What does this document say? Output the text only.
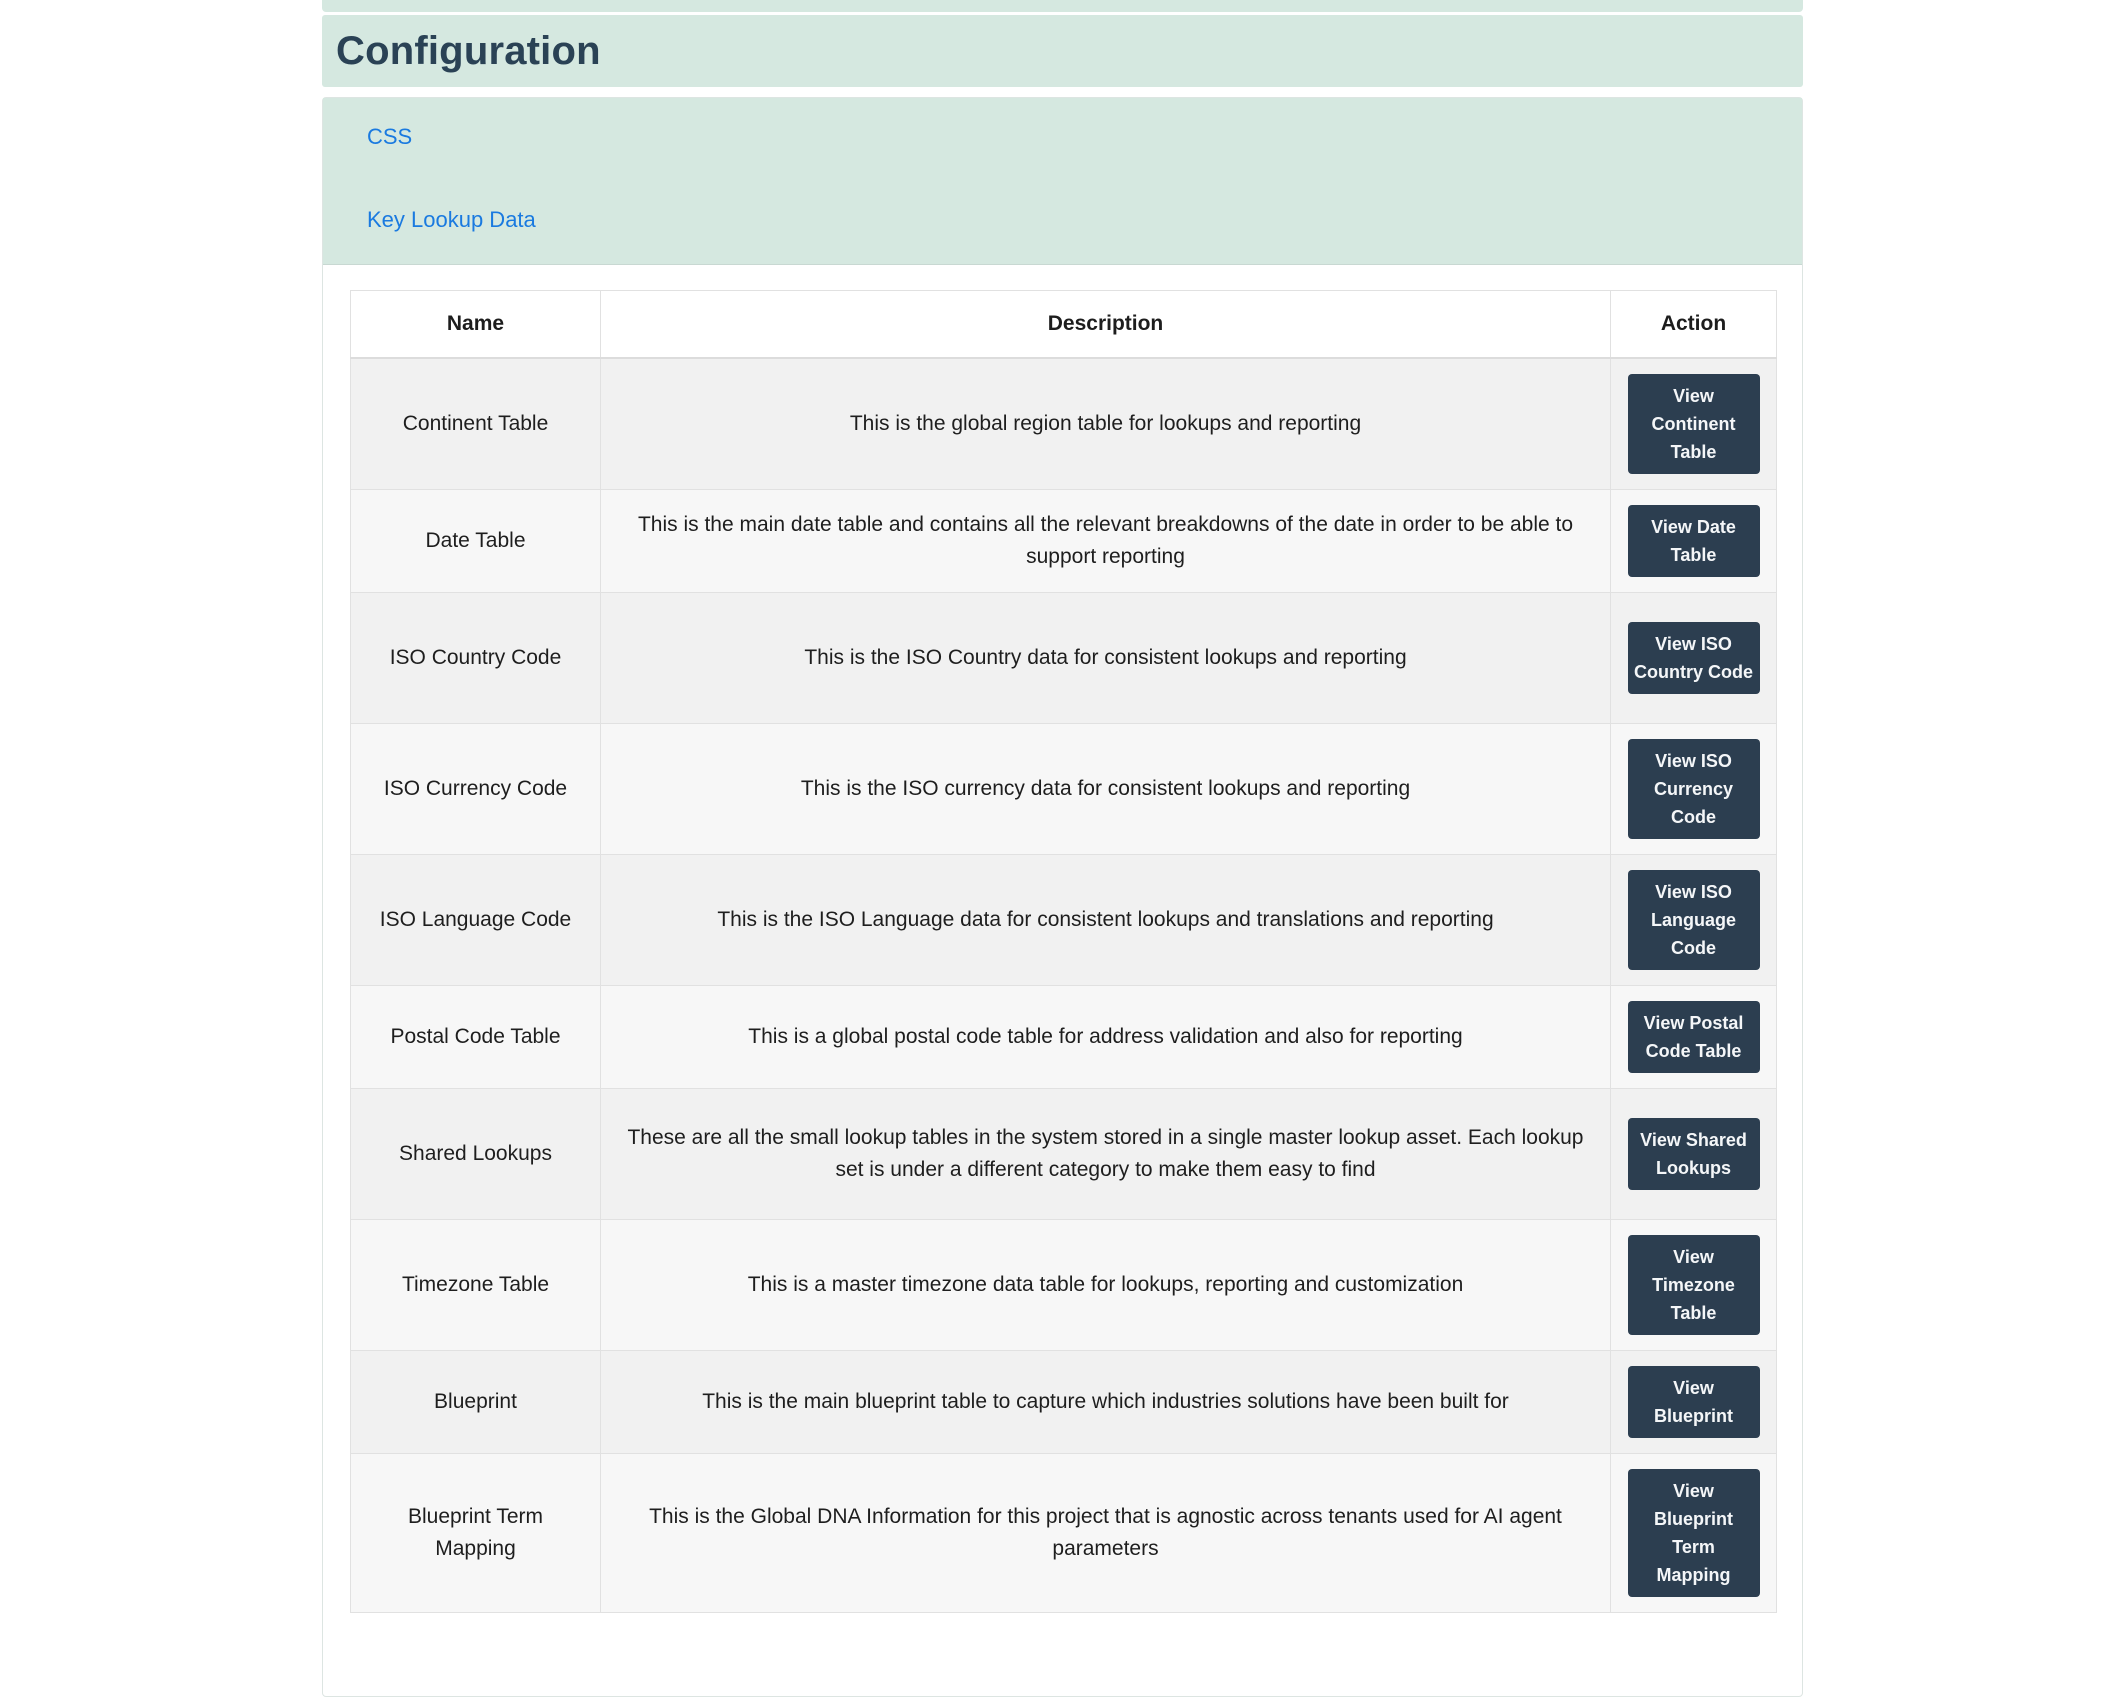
Configuration
CSS
Key Lookup Data
Name	Description	Action
Continent Table	This is the global region table for lookups and reporting	View Continent Table

Date Table	This is the main date table and contains all the relevant breakdowns of the date in order to be able to support reporting	View Date Table

ISO Country Code	This is the ISO Country data for consistent lookups and reporting	View ISO Country Code

ISO Currency Code	This is the ISO currency data for consistent lookups and reporting	View ISO Currency Code

ISO Language Code	This is the ISO Language data for consistent lookups and translations and reporting	View ISO Language Code

Postal Code Table	This is a global postal code table for address validation and also for reporting	View Postal Code Table

Shared Lookups	These are all the small lookup tables in the system stored in a single master lookup asset. Each lookup set is under a different category to make them easy to find	View Shared Lookups

Timezone Table	This is a master timezone data table for lookups, reporting and customization	View Timezone Table

Blueprint	This is the main blueprint table to capture which industries solutions have been built for	View Blueprint

Blueprint Term Mapping	This is the Global DNA Information for this project that is agnostic across tenants used for AI agent parameters	View Blueprint Term Mapping
